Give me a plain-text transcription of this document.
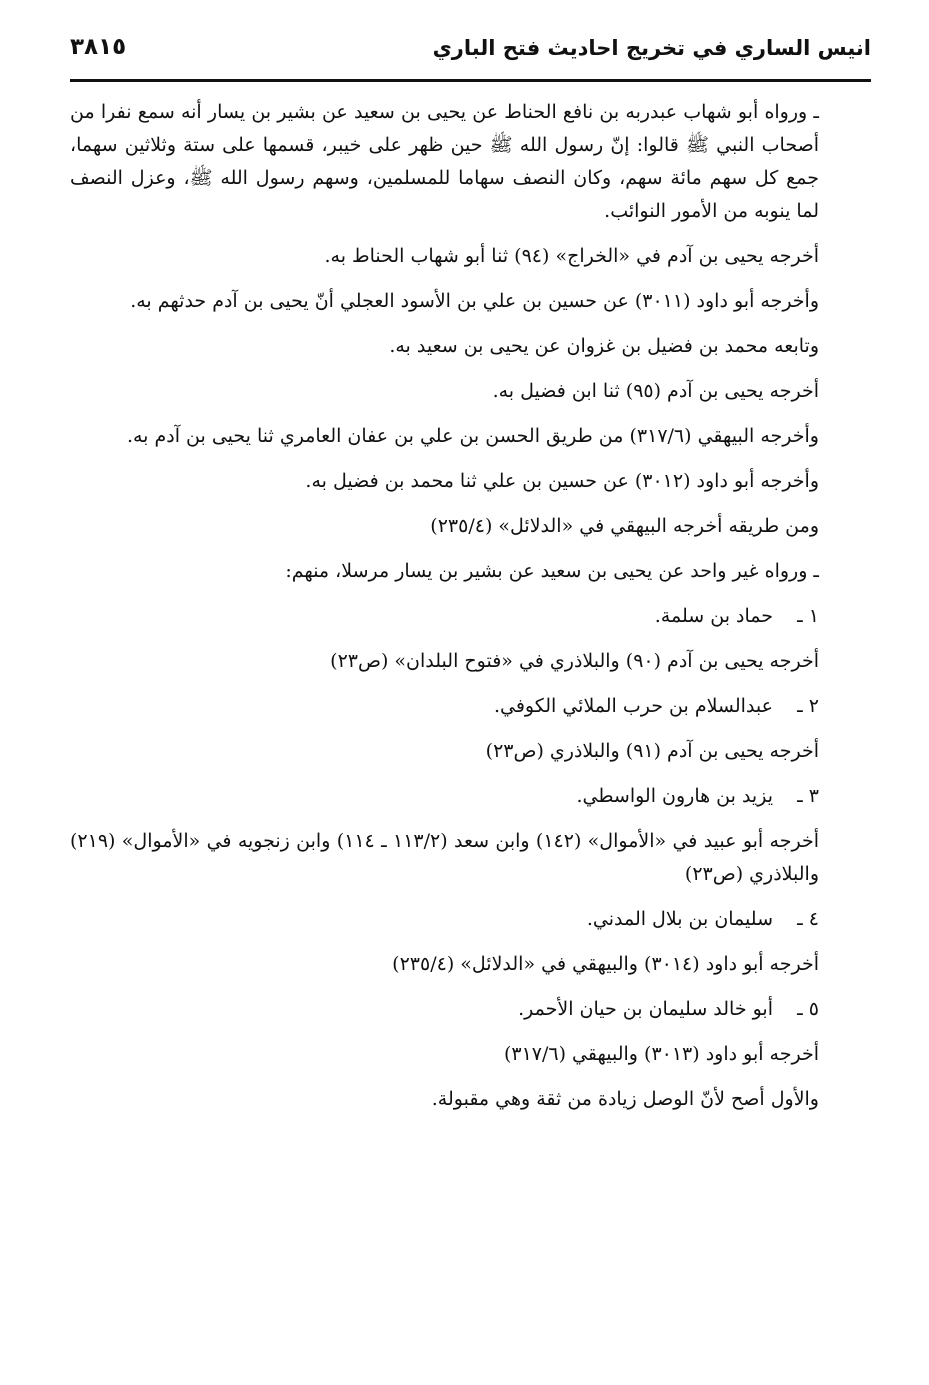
انيس الساري في تخريج احاديث فتح الباري
٣٨١٥

ـ ورواه أبو شهاب عبدربه بن نافع الحناط عن يحيى بن سعيد عن بشير بن يسار أنه سمع نفرا من أصحاب النبي ﷺ قالوا: إنّ رسول الله ﷺ حين ظهر على خيبر، قسمها على ستة وثلاثين سهما، جمع كل سهم مائة سهم، وكان النصف سهاما للمسلمين، وسهم رسول الله ﷺ، وعزل النصف لما ينوبه من الأمور النوائب.

أخرجه يحيى بن آدم في «الخراج» (٩٤) ثنا أبو شهاب الحناط به.

وأخرجه أبو داود (٣٠١١) عن حسين بن علي بن الأسود العجلي أنّ يحيى بن آدم حدثهم به.

وتابعه محمد بن فضيل بن غزوان عن يحيى بن سعيد به.

أخرجه يحيى بن آدم (٩٥) ثنا ابن فضيل به.

وأخرجه البيهقي (٣١٧/٦) من طريق الحسن بن علي بن عفان العامري ثنا يحيى بن آدم به.

وأخرجه أبو داود (٣٠١٢) عن حسين بن علي ثنا محمد بن فضيل به.

ومن طريقه أخرجه البيهقي في «الدلائل» (٢٣٥/٤)

ـ ورواه غير واحد عن يحيى بن سعيد عن بشير بن يسار مرسلا، منهم:

١ ـحماد بن سلمة.

أخرجه يحيى بن آدم (٩٠) والبلاذري في «فتوح البلدان» (ص٢٣)

٢ ـعبدالسلام بن حرب الملائي الكوفي.

أخرجه يحيى بن آدم (٩١) والبلاذري (ص٢٣)

٣ ـيزيد بن هارون الواسطي.

أخرجه أبو عبيد في «الأموال» (١٤٢) وابن سعد (١١٣/٢ ـ ١١٤) وابن زنجويه في «الأموال» (٢١٩) والبلاذري (ص٢٣)

٤ ـسليمان بن بلال المدني.

أخرجه أبو داود (٣٠١٤) والبيهقي في «الدلائل» (٢٣٥/٤)

٥ ـأبو خالد سليمان بن حيان الأحمر.

أخرجه أبو داود (٣٠١٣) والبيهقي (٣١٧/٦)

والأول أصح لأنّ الوصل زيادة من ثقة وهي مقبولة.
